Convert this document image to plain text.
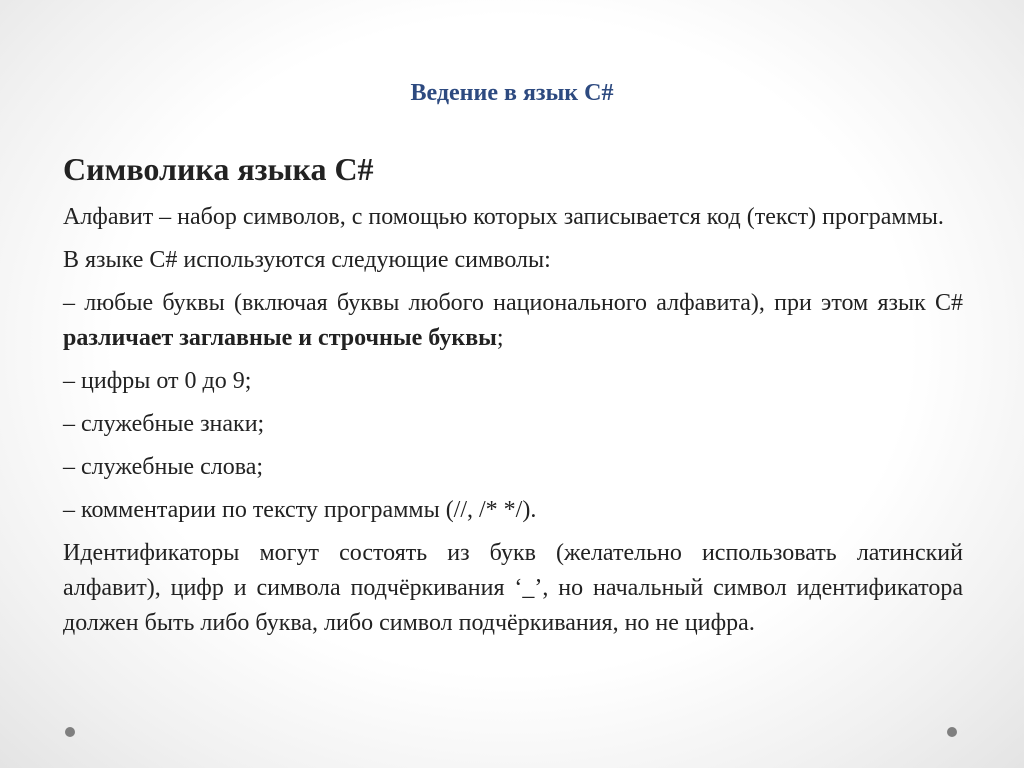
Ведение в язык С#
Символика языка С#

Алфавит – набор символов, с помощью которых записывается код (текст) программы.

В языке С# используются следующие символы:

– любые буквы (включая буквы любого национального алфавита), при этом язык С# различает заглавные и строчные буквы;

– цифры от 0 до 9;

– служебные знаки;

– служебные слова;

– комментарии по тексту программы (//, /* */).

Идентификаторы могут состоять из букв (желательно использовать латинский алфавит), цифр и символа подчёркивания ‘_’, но начальный символ идентификатора должен быть либо буква, либо символ подчёркивания, но не цифра.
